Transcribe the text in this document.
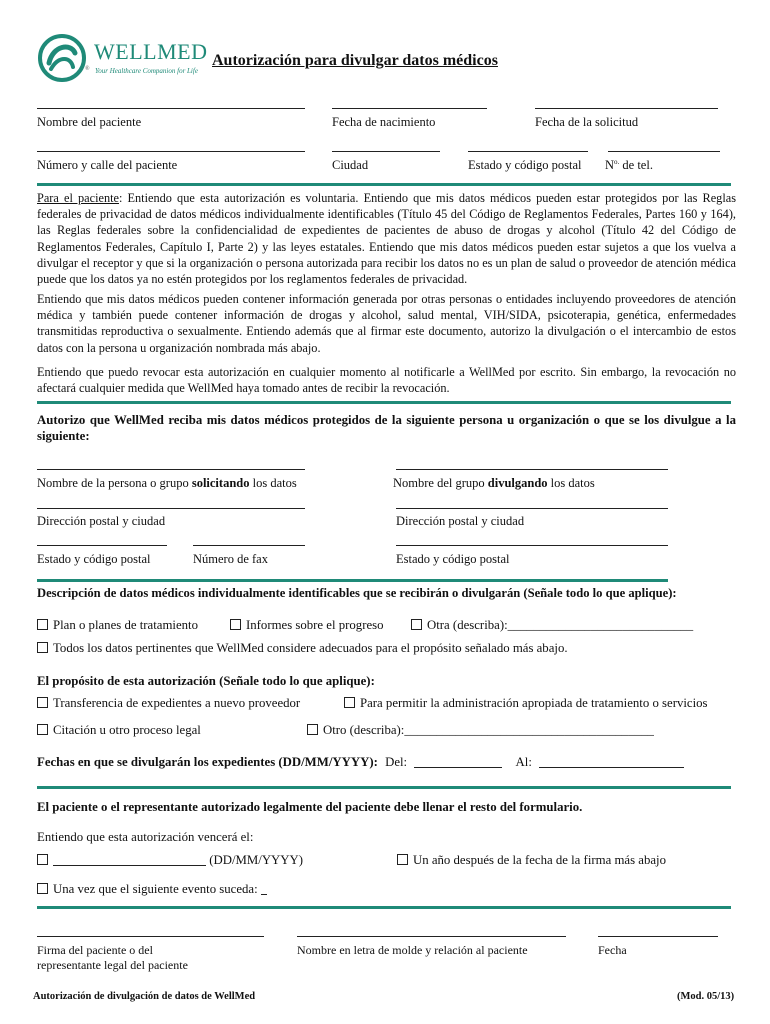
WELLMED
Your Healthcare Companion for Life
®	Autorización para divulgar datos médicos
Nombre del paciente	Fecha de nacimiento	Fecha de la solicitud
Número y calle del paciente	Ciudad	Estado y código postal $N^{o.}$ de tel.
Para el paciente: Entiendo que esta autorización es voluntaria. Entiendo que mis datos médicos pueden estar protegidos por las Reglas federales de privacidad de datos médicos individualmente identificables (Título 45 del Código de Reglamentos Federales, Partes 160 y 164), las Reglas federales sobre la confidencialidad de expedientes de pacientes de abuso de drogas y alcohol (Título 42 del Código de Reglamentos Federales, Capítulo I, Parte 2) y las leyes estatales. Entiendo que mis datos médicos pueden estar sujetos a que los vuelva a divulgar el receptor y que si la organización o persona autorizada para recibir los datos no es un plan de salud o proveedor de atención médica puede que los datos ya no estén protegidos por los reglamentos federales de privacidad.
Entiendo que mis datos médicos pueden contener información generada por otras personas o entidades incluyendo proveedores de atención médica y también puede contener información de drogas y alcohol, salud mental, VIH/SIDA, psicoterapia, genética, enfermedades transmitidas reproductiva o sexualmente. Entiendo además que al firmar este documento, autorizo la divulgación o el intercambio de estos datos con la persona u organización nombrada más abajo.
Entiendo que puedo revocar esta autorización en cualquier momento al notificarle a WellMed por escrito. Sin embargo, la revocación no afectará cualquier medida que WellMed haya tomado antes de recibir la revocación.
Autorizo que WellMed reciba mis datos médicos protegidos de la siguiente persona u organización o que se los divulgue a la siguiente:
Nombre de la persona o grupo solicitando los datos	Nombre del grupo divulgando los datos
Dirección postal y ciudad	Dirección postal y ciudad
Estado y código postal	Número de fax	Estado y código postal
Descripción de datos médicos individualmente identificables que se recibirán o divulgarán (Señale todo lo que aplique):
Plan o planes de tratamiento	Informes sobre el progreso	Otra (describa):_____________________________
Todos los datos pertinentes que WellMed considere adecuados para el propósito señalado más abajo.
El propósito de esta autorización (Señale todo lo que aplique):
Transferencia de expedientes a nuevo proveedor	Para permitir la administración apropiada de tratamiento o servicios
Citación u otro proceso legal	Otro (describa):_______________________________________
Fechas en que se divulgarán los expedientes (DD/MM/YYYY): Del:	Al:
El paciente o el representante autorizado legalmente del paciente debe llenar el resto del formulario.
Entiendo que esta autorización vencerá el:
(DD/MM/YYYY)	Un año después de la fecha de la firma más abajo
Una vez que el siguiente evento suceda:
Firma del paciente o del
representante legal del paciente
Nombre en letra de molde y relación al paciente	Fecha
Autorización de divulgación de datos de WellMed	(Mod. 05/13)
